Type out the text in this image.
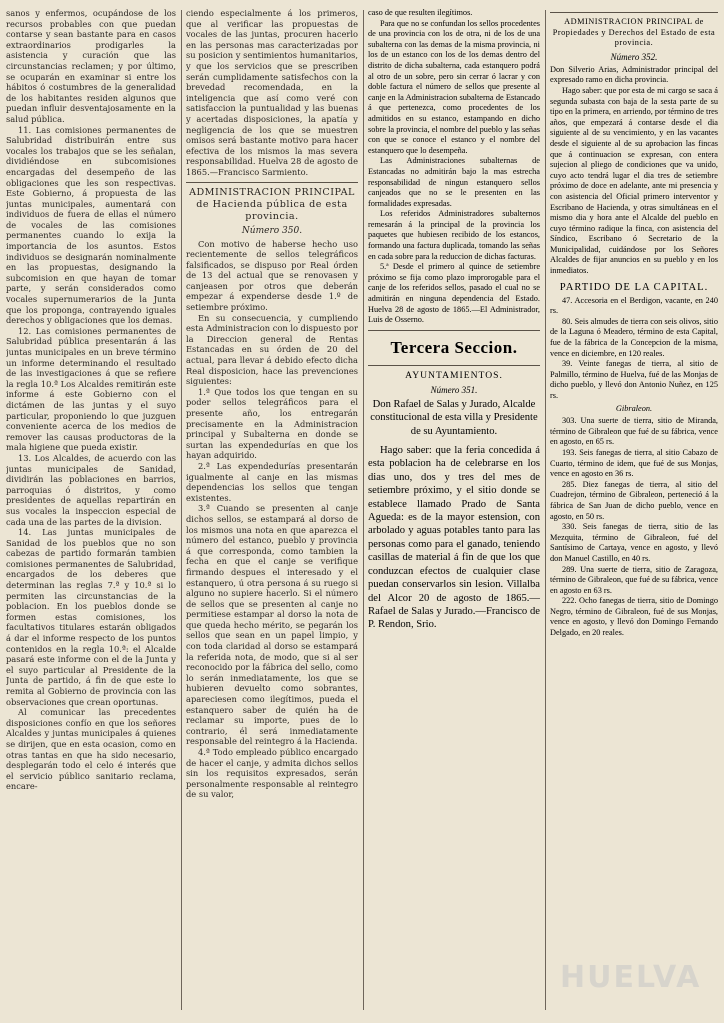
sanos y enfermos, ocupándose de los recursos probables con que puedan contarse y sean bastante para en casos extraordinarios prodigarles la asistencia y curación que las circunstancias reclamen; y por último, se ocuparán en examinar si entre los hábitos ó costumbres de la generalidad de los habitantes residen algunos que puedan influir desventajosamente en la salud pública.

11. Las comisiones permanentes de Salubridad distribuirán entre sus vocales los trabajos que se les señalan, dividiéndose en subcomisiones encargadas del desempeño de las obligaciones que les son respectivas. Este Gobierno, á propuesta de las juntas municipales, aumentará con individuos de fuera de ellas el número de vocales de las comisiones permanentes cuando lo exija la importancia de los asuntos. Estos individuos se designarán nominalmente en las propuestas, designando la subcomision en que hayan de tomar parte, y serán considerados como vocales supernumerarios de la Junta que los proponga, contrayendo iguales derechos y obligaciones que los demas.

12. Las comisiones permanentes de Salubridad pública presentarán á las juntas municipales en un breve término un informe determinando el resultado de las investigaciones á que se refiere la regla 10.ª Los Alcaldes remitirán este informe á este Gobierno con el dictámen de las juntas y el suyo particular, proponiendo lo que juzguen conveniente acerca de los medios de remover las causas productoras de la mala higiene que pueda existir.

13. Los Alcaldes, de acuerdo con las juntas municipales de Sanidad, dividirán las poblaciones en barrios, parroquias ó distritos, y como presidentes de aquellas repartirán en sus vocales la inspeccion especial de cada una de las partes de la division.

14. Las juntas municipales de Sanidad de los pueblos que no son cabezas de partido formarán tambien comisiones permanentes de Salubridad, encargados de los deberes que determinan las reglas 7.ª y 10.ª si lo permiten las circunstancias de la poblacion. En los pueblos donde se formen estas comisiones, los facultativos titulares estarán obligados á dar el informe respecto de los puntos contenidos en la regla 10.ª: el Alcalde pasará este informe con el de la Junta y el suyo particular al Presidente de la Junta de partido, á fin de que este lo remita al Gobierno de provincia con las observaciones que crean oportunas.

Al comunicar las precedentes disposiciones confío en que los señores Alcaldes y juntas municipales á quienes se dirijen, que en esta ocasion, como en otras tantas en que ha sido necesario, desplegarán todo el celo é interés que el servicio público sanitario reclama, encare-

ciendo especialmente á los primeros, que al verificar las propuestas de vocales de las juntas, procuren hacerlo en las personas mas caracterizadas por su posicion y sentimientos humanitarios, y que los servicios que se prescriben serán cumplidamente satisfechos con la brevedad recomendada, en la inteligencia que así como veré con satisfaccion la puntualidad y las buenas y acertadas disposiciones, la apatía y negligencia de los que se muestren omisos será bastante motivo para hacer efectiva de los mismos la mas severa responsabilidad. Huelva 28 de agosto de 1865.—Francisco Sarmiento.

ADMINISTRACION PRINCIPAL de Hacienda pública de esta provincia.
Número 350.

Con motivo de haberse hecho uso recientemente de sellos telegráficos falsificados, se dispuso por Real órden de 13 del actual que se renovasen y canjeasen por otros que deberán empezar á expenderse desde 1.º de setiembre próximo.

En su consecuencia, y cumpliendo esta Administracion con lo dispuesto por la Direccion general de Rentas Estancadas en su órden de 20 del actual, para llevar á debido efecto dicha Real disposicion, hace las prevenciones siguientes:

1.ª Que todos los que tengan en su poder sellos telegráficos para el presente año, los entregarán precisamente en la Administracion principal y Subalterna en donde se surtan las expendedurías en que los hayan adquirido.

2.ª Las expendedurías presentarán igualmente al canje en las mismas dependencias los sellos que tengan existentes.

3.ª Cuando se presenten al canje dichos sellos, se estampará al dorso de los mismos una nota en que aparezca el número del estanco, pueblo y provincia á que corresponda, como tambien la fecha en que el canje se verifique firmando despues el interesado y el estanquero, ú otra persona á su ruego si alguno no supiere hacerlo. Si el número de sellos que se presenten al canje no permitiese estampar al dorso la nota de que queda hecho mérito, se pegarán los sellos que sean en un papel limpio, y con toda claridad al dorso se estampará la referida nota, de modo, que si al ser reconocido por la fábrica del sello, como lo serán inmediatamente, los que se hubieren devuelto como sobrantes, apareciesen como ilegítimos, pueda el estanquero saber de quién ha de reclamar su importe, pues de lo contrario, él será inmediatamente responsable del reintegro á la Hacienda.

4.ª Todo empleado público encargado de hacer el canje, y admita dichos sellos sin los requisitos expresados, serán personalmente responsable al reintegro de su valor,

caso de que resulten ilegítimos.

Para que no se confundan los sellos procedentes de una provincia con los de otra, ni de los de una subalterna con las demas de la misma provincia, ni los de un estanco con los de los demas dentro del distrito de dicha subalterna, cada estanquero podrá al otro de un sobre, pero sin cerrar ó lacrar y con doble factura el número de sellos que presente al canje en la Administracion subalterna de Estancado á que pertenezca, como procedentes de los admitidos en su estanco, estampando en dicho sobre la provincia, el nombre del pueblo y las señas con que se conoce el estanco y el nombre del estanquero que lo desempeña.

Las Administraciones subalternas de Estancadas no admitirán bajo la mas estrecha responsabilidad de ningun estanquero sellos canjeados que no se le presenten en las formalidades expresadas.

Los referidos Administradores subalternos remesarán á la principal de la provincia los paquetes que hubiesen recibido de los estancos, formando una factura duplicada, tomando las señas en cada sobre para la reduccion de dichas facturas.

5.ª Desde el primero al quince de setiembre próximo se fija como plazo improrogable para el canje de los referidos sellos, pasado el cual no se admitirán en ninguna dependencia del Estado. Huelva 28 de agosto de 1865.—El Administrador, Luis de Osserno.

Tercera Seccion.
AYUNTAMIENTOS.
Número 351.

Don Rafael de Salas y Jurado, Alcalde constitucional de esta villa y Presidente de su Ayuntamiento.

Hago saber: que la feria concedida á esta poblacion ha de celebrarse en los dias uno, dos y tres del mes de setiembre próximo, y el sitio donde se establece llamado Prado de Santa Agueda: es de la mayor estension, con arbolado y aguas potables tanto para las personas como para el ganado, teniendo casillas de material á fin de que los que conduzcan efectos de cualquier clase puedan conservarlos sin lesion. Villalba del Alcor 20 de agosto de 1865.—Rafael de Salas y Jurado.—Francisco de P. Rendon, Srio.

ADMINISTRACION PRINCIPAL de Propiedades y Derechos del Estado de esta provincia.
Número 352.

Don Silverio Arias, Administrador principal del expresado ramo en dicha provincia.

Hago saber: que por esta de mi cargo se saca á segunda subasta con baja de la sesta parte de su tipo en la primera, en arriendo, por término de tres años, que empezará á contarse desde el dia siguiente al de su vencimiento, y en las vacantes desde el siguiente al de su aprobacion las fincas que á continuacion se expresan, con entera sujecion al pliego de condiciones que va unido, cuyo acto tendrá lugar el dia tres de setiembre próximo de doce en adelante, ante mi presencia y con asistencia del Oficial primero interventor y Escribano de Hacienda, y otras simultáneas en el mismo dia y hora ante el Alcalde del pueblo en cuyo término radique la finca, con asistencia del Síndico, Escribano ó Secretario de la Municipalidad, cuidándose por los Señores Alcaldes de fijar anuncios en su pueblo y en los inmediatos.

PARTIDO DE LA CAPITAL.

47. Accesoria en el Berdigon, vacante, en 240 rs.

80. Seis almudes de tierra con seis olivos, sitio de la Laguna ó Meadero, término de esta Capital, fue de la fábrica de la Concepcion de la misma, vence en diciembre, en 120 reales.

39. Veinte fanegas de tierra, al sitio de Palmillo, término de Huelva, fué de las Monjas de dicho pueblo, y llevó don Antonio Nuñez, en 125 rs.

Gibraleon.

303. Una suerte de tierra, sitio de Miranda, término de Gibraleon que fué de su fábrica, vence en agosto, en 65 rs.

193. Seis fanegas de tierra, al sitio Cabazo de Cuarto, término de idem, que fué de sus Monjas, vence en agosto en 36 rs.

285. Diez fanegas de tierra, al sitio del Cuadrejon, término de Gibraleon, perteneció á la fábrica de San Juan de dicho pueblo, vence en agosto, en 50 rs.

330. Seis fanegas de tierra, sitio de las Mezquita, término de Gibraleon, fué del Santísimo de Cartaya, vence en agosto, y llevó don Manuel Castillo, en 40 rs.

289. Una suerte de tierra, sitio de Zaragoza, término de Gibraleon, que fué de su fábrica, vence en agosto en 63 rs.

222. Ocho fanegas de tierra, sitio de Domingo Negro, término de Gibraleon, fué de sus Monjas, vence en agosto, y llevó don Domingo Fernando Delgado, en 20 reales.

HUELVA
